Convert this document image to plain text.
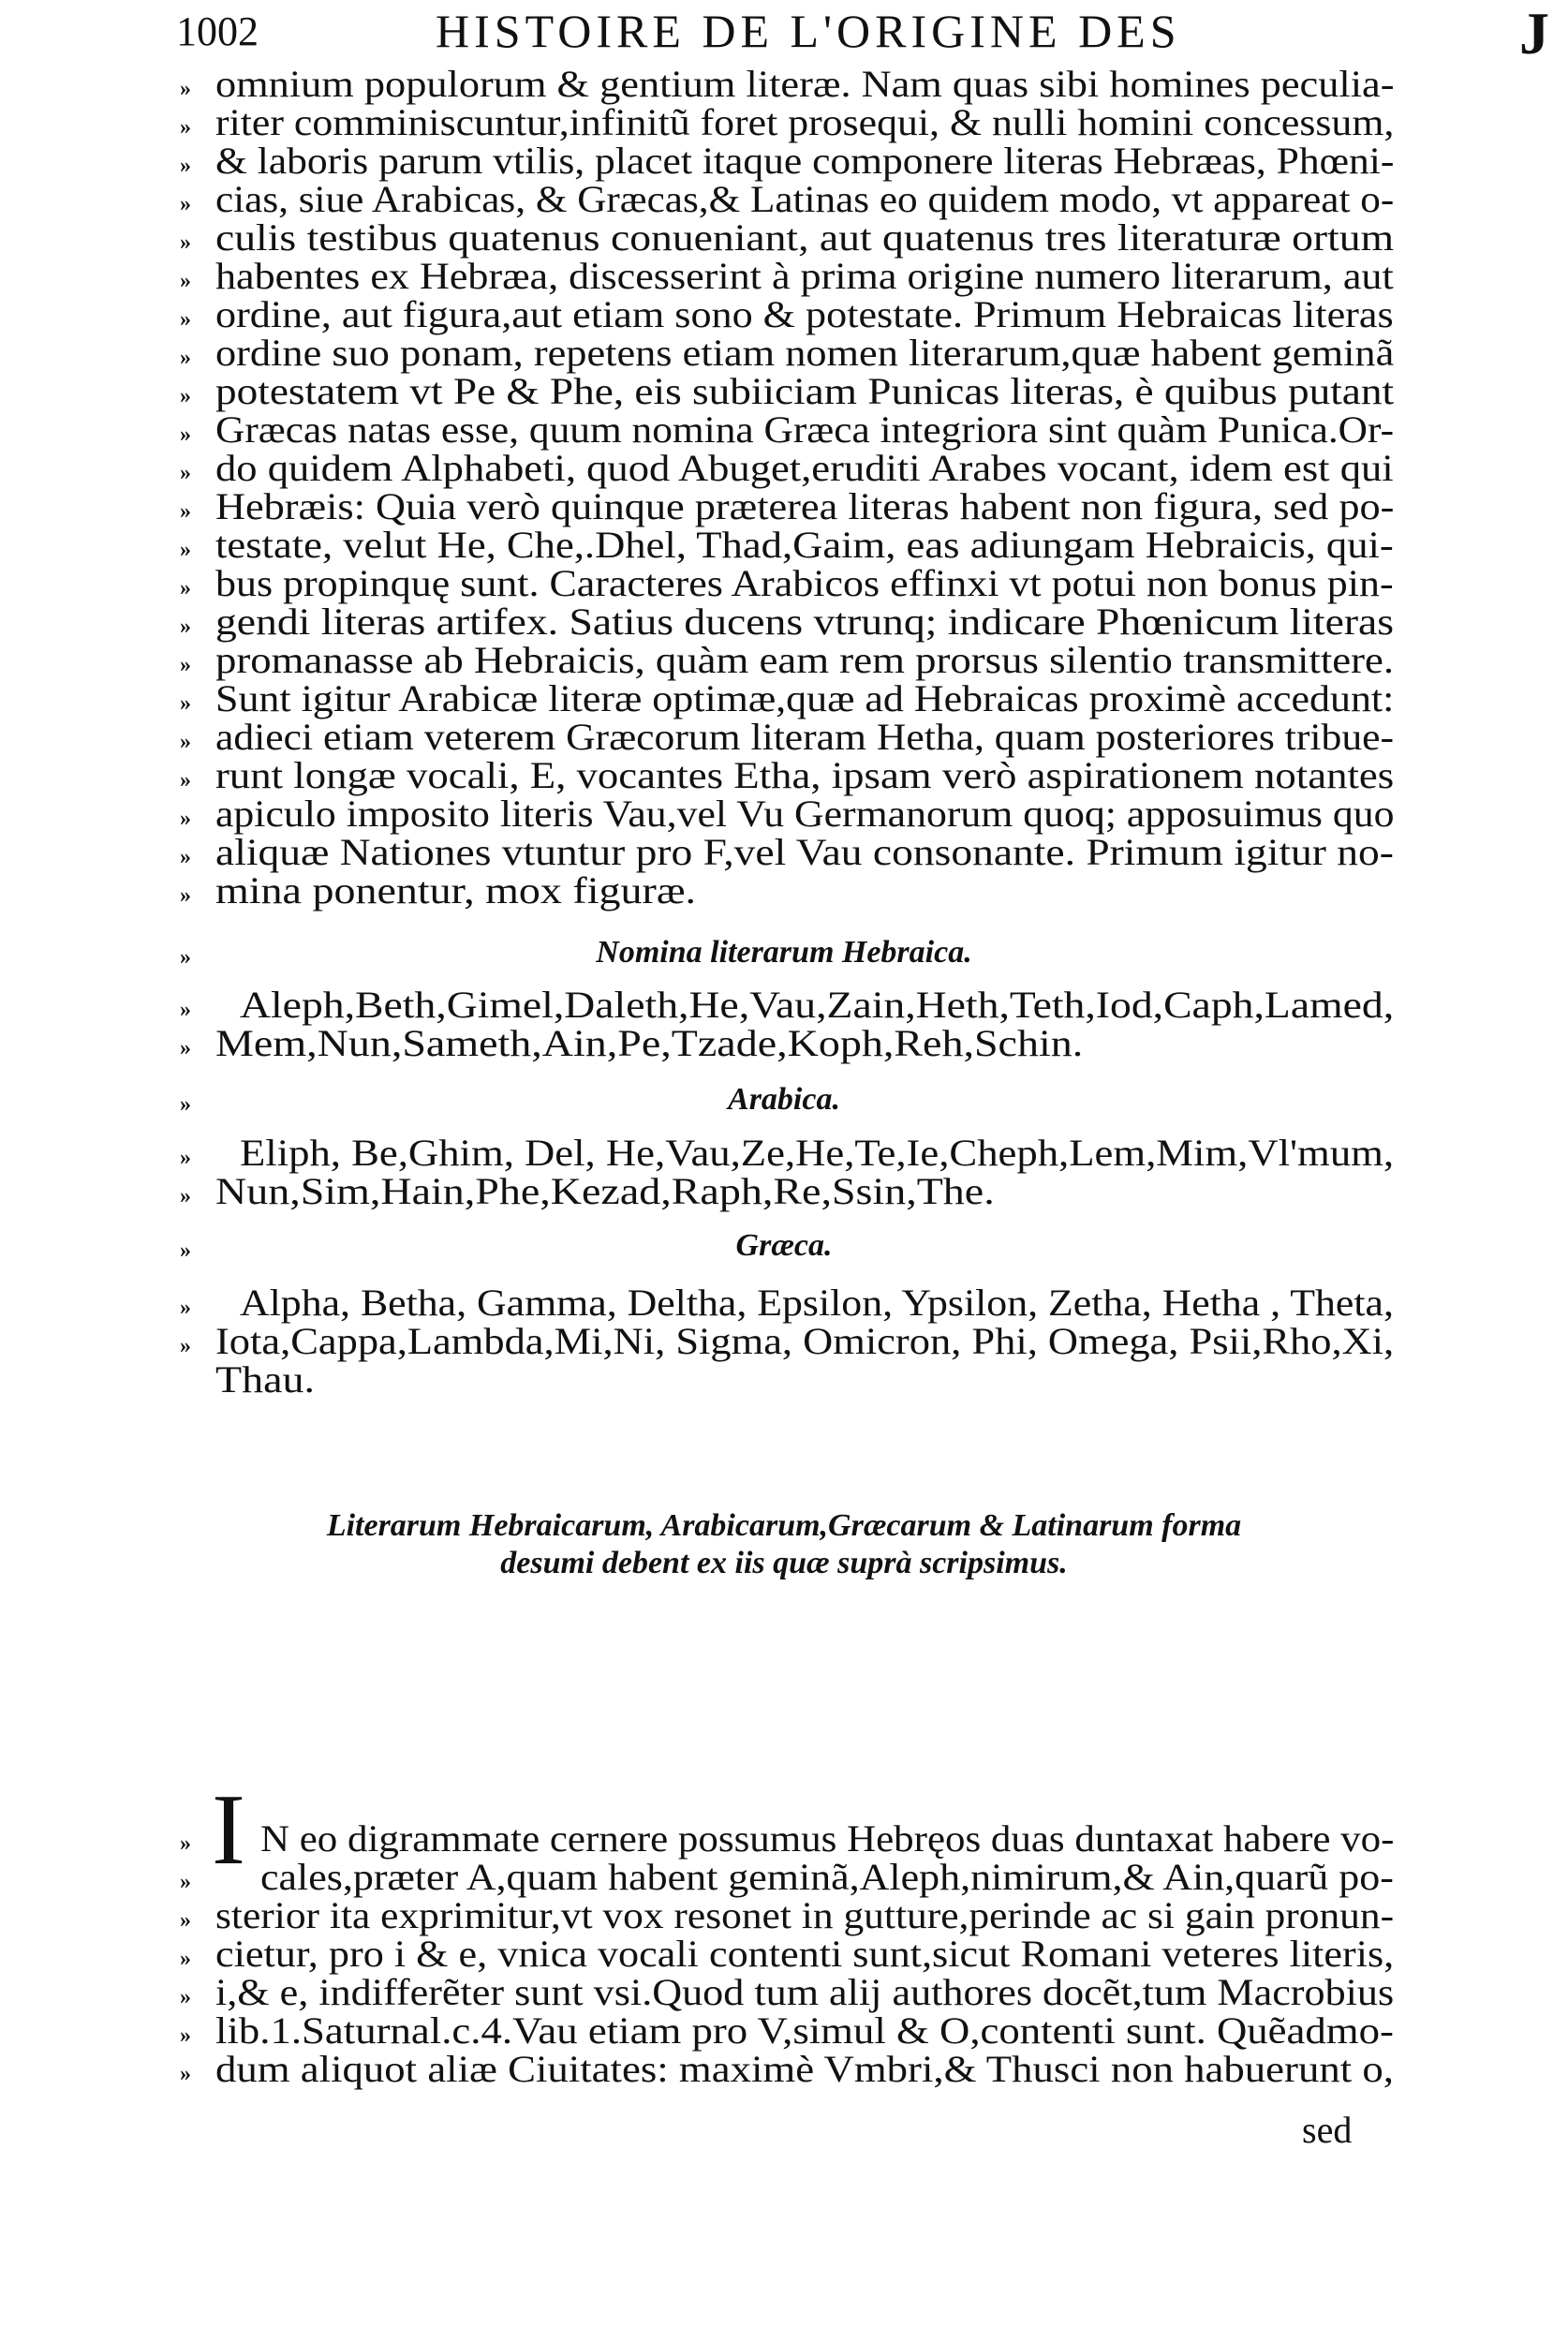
1002	HISTOIRE DE L'ORIGINE DES	J
»
»
»
»
»
»
»
»
»
»
»
»
»
»
»
»
»
»
»
»
»
»
omnium populorum & gentium literæ. Nam quas sibi homines peculia-
riter comminiscuntur,infinitũ foret prosequi, & nulli homini concessum,
& laboris parum vtilis, placet itaque componere literas Hebræas, Phœni-
cias, siue Arabicas, & Græcas,& Latinas eo quidem modo, vt appareat o-
culis testibus quatenus conueniant, aut quatenus tres literaturæ ortum
habentes ex Hebræa, discesserint à prima origine numero literarum, aut
ordine, aut figura,aut etiam sono & potestate. Primum Hebraicas literas
ordine suo ponam, repetens etiam nomen literarum,quæ habent geminã
potestatem vt Pe & Phe, eis subiiciam Punicas literas, è quibus putant
Græcas natas esse, quum nomina Græca integriora sint quàm Punica.Or-
do quidem Alphabeti, quod Abuget,eruditi Arabes vocant, idem est qui
Hebræis: Quia verò quinque præterea literas habent non figura, sed po-
testate, velut He, Che,.Dhel, Thad,Gaim, eas adiungam Hebraicis, qui-
bus propinquę sunt. Caracteres Arabicos effinxi vt potui non bonus pin-
gendi literas artifex. Satius ducens vtrunq; indicare Phœnicum literas
promanasse ab Hebraicis, quàm eam rem prorsus silentio transmittere.
Sunt igitur Arabicæ literæ optimæ,quæ ad Hebraicas proximè accedunt:
adieci etiam veterem Græcorum literam Hetha, quam posteriores tribue-
runt longæ vocali, E, vocantes Etha, ipsam verò aspirationem notantes
apiculo imposito literis Vau,vel Vu Germanorum quoq; apposuimus quo
aliquæ Nationes vtuntur pro F,vel Vau consonante. Primum igitur no-
mina ponentur, mox figuræ.
»	Nomina literarum Hebraica.
» Aleph,Beth,Gimel,Daleth,He,Vau,Zain,Heth,Teth,Iod,Caph,Lamed,
» Mem,Nun,Sameth,Ain,Pe,Tzade,Koph,Reh,Schin.
»	Arabica.
» Eliph, Be,Ghim, Del, He,Vau,Ze,He,Te,Ie,Cheph,Lem,Mim,Vl'mum,
» Nun,Sim,Hain,Phe,Kezad,Raph,Re,Ssin,The.
»	Græca.
» Alpha, Betha, Gamma, Deltha, Epsilon, Ypsilon, Zetha, Hetha , Theta,
» Iota,Cappa,Lambda,Mi,Ni, Sigma, Omicron, Phi, Omega, Psii,Rho,Xi,
Thau.
Literarum Hebraicarum, Arabicarum,Græcarum & Latinarum forma
desumi debent ex iis quæ suprà scripsimus.
I
»
»
»
»
»
»
»
N eo digrammate cernere possumus Hebręos duas duntaxat habere vo-
cales,præter A,quam habent geminã,Aleph,nimirum,& Ain,quarũ po-
sterior ita exprimitur,vt vox resonet in gutture,perinde ac si gain pronun-
cietur, pro i & e, vnica vocali contenti sunt,sicut Romani veteres literis,
i,& e, indifferẽter sunt vsi.Quod tum alij authores docẽt,tum Macrobius
lib.1.Saturnal.c.4.Vau etiam pro V,simul & O,contenti sunt. Quẽadmo-
dum aliquot aliæ Ciuitates: maximè Vmbri,& Thusci non habuerunt o,
sed
